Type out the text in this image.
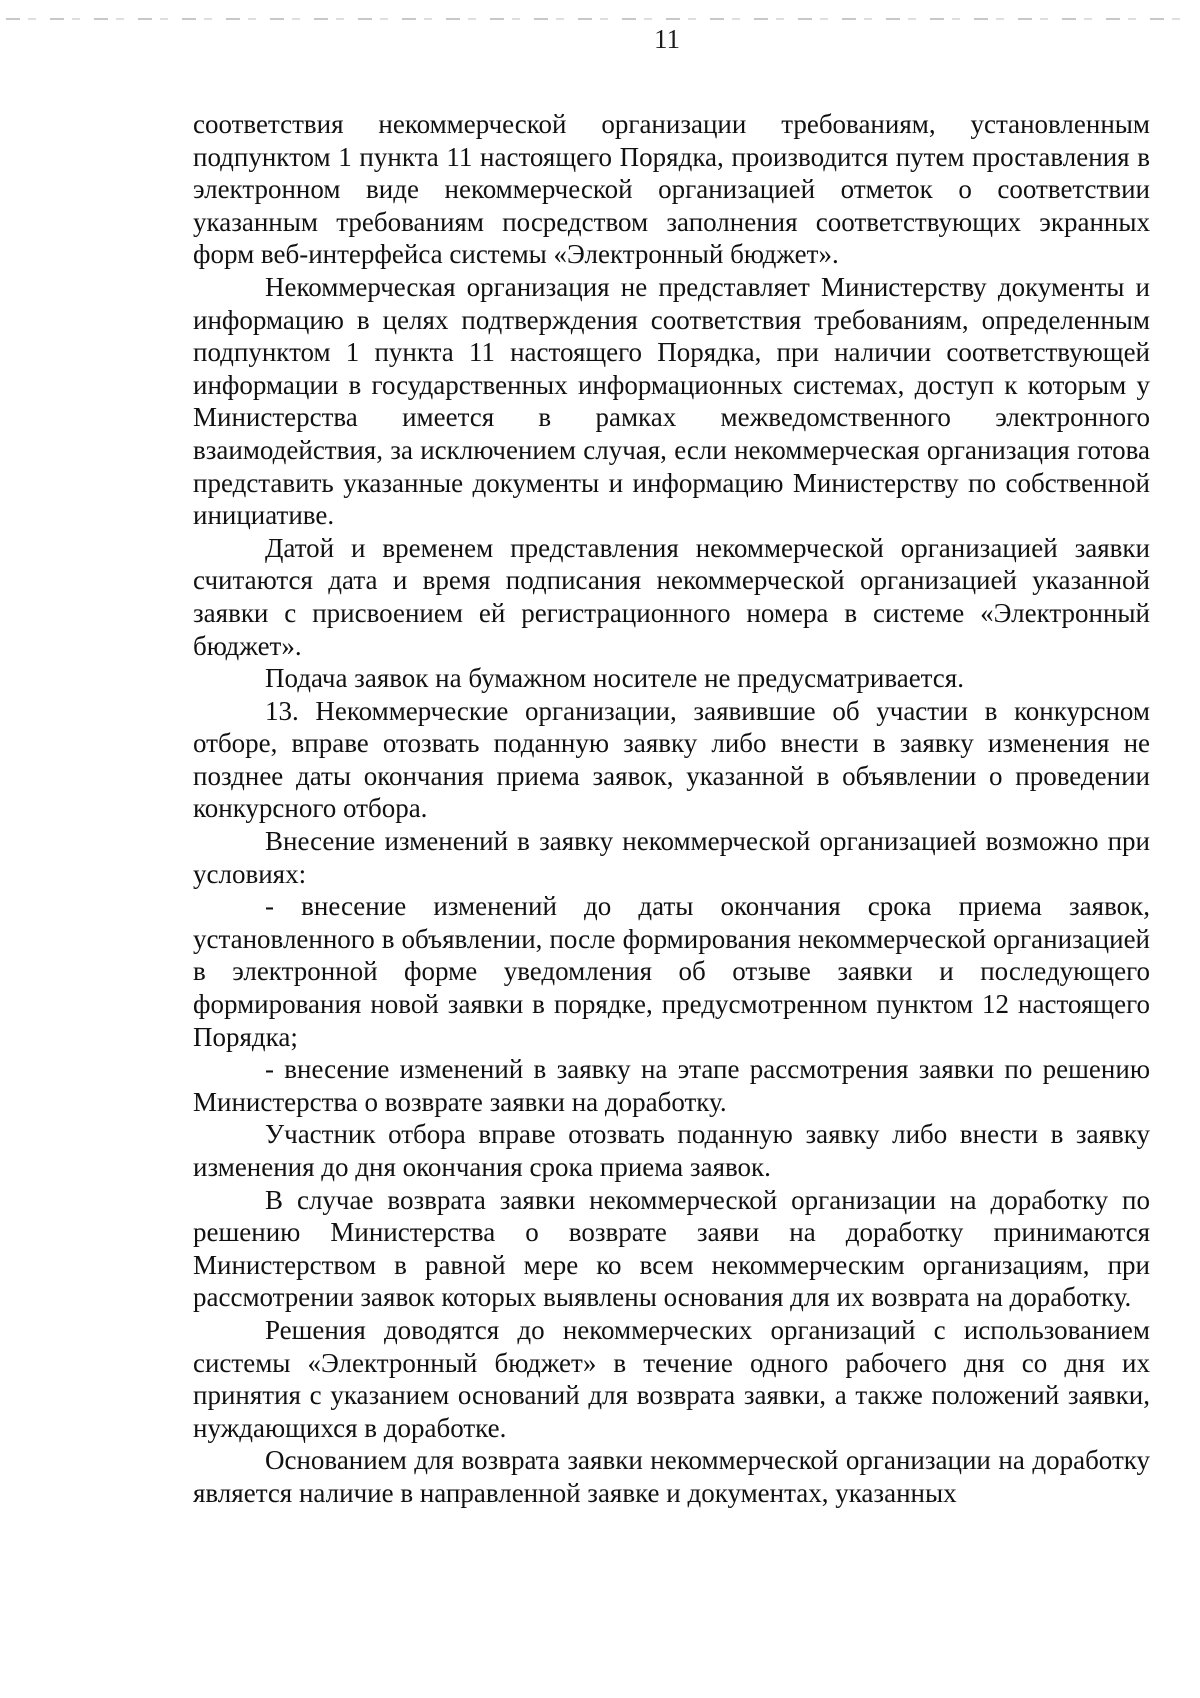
11

соответствия некоммерческой организации требованиям, установленным подпунктом 1 пункта 11 настоящего Порядка, производится путем проставления в электронном виде некоммерческой организацией отметок о соответствии указанным требованиям посредством заполнения соответствующих экранных форм веб-интерфейса системы «Электронный бюджет».

Некоммерческая организация не представляет Министерству документы и информацию в целях подтверждения соответствия требованиям, определенным подпунктом 1 пункта 11 настоящего Порядка, при наличии соответствующей информации в государственных информационных системах, доступ к которым у Министерства имеется в рамках межведомственного электронного взаимодействия, за исключением случая, если некоммерческая организация готова представить указанные документы и информацию Министерству по собственной инициативе.

Датой и временем представления некоммерческой организацией заявки считаются дата и время подписания некоммерческой организацией указанной заявки с присвоением ей регистрационного номера в системе «Электронный бюджет».

Подача заявок на бумажном носителе не предусматривается.

13. Некоммерческие организации, заявившие об участии в конкурсном отборе, вправе отозвать поданную заявку либо внести в заявку изменения не позднее даты окончания приема заявок, указанной в объявлении о проведении конкурсного отбора.

Внесение изменений в заявку некоммерческой организацией возможно при условиях:

- внесение изменений до даты окончания срока приема заявок, установленного в объявлении, после формирования некоммерческой организацией в электронной форме уведомления об отзыве заявки и последующего формирования новой заявки в порядке, предусмотренном пунктом 12 настоящего Порядка;

- внесение изменений в заявку на этапе рассмотрения заявки по решению Министерства о возврате заявки на доработку.

Участник отбора вправе отозвать поданную заявку либо внести в заявку изменения до дня окончания срока приема заявок.

В случае возврата заявки некоммерческой организации на доработку по решению Министерства о возврате заяви на доработку принимаются Министерством в равной мере ко всем некоммерческим организациям, при рассмотрении заявок которых выявлены основания для их возврата на доработку.

Решения доводятся до некоммерческих организаций с использованием системы «Электронный бюджет» в течение одного рабочего дня со дня их принятия с указанием оснований для возврата заявки, а также положений заявки, нуждающихся в доработке.

Основанием для возврата заявки некоммерческой организации на доработку является наличие в направленной заявке и документах, указанных
